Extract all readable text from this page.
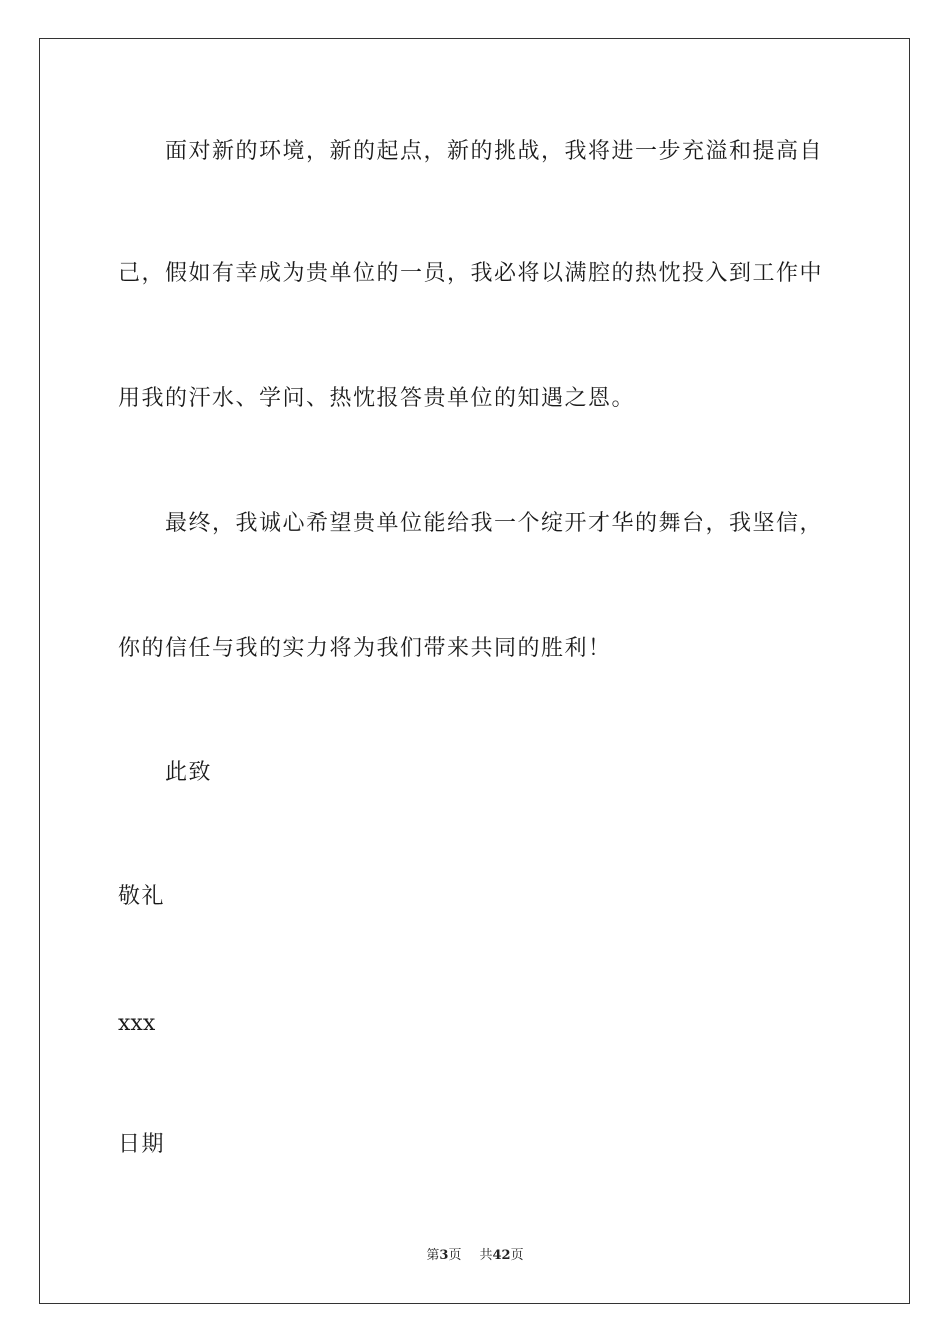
面对新的环境，新的起点，新的挑战，我将进一步充溢和提高自
己，假如有幸成为贵单位的一员，我必将以满腔的热忱投入到工作中
用我的汗水、学问、热忱报答贵单位的知遇之恩。
最终，我诚心希望贵单位能给我一个绽开才华的舞台，我坚信，
你的信任与我的实力将为我们带来共同的胜利！
此致
敬礼
xxx
日期
第3页 共42页
